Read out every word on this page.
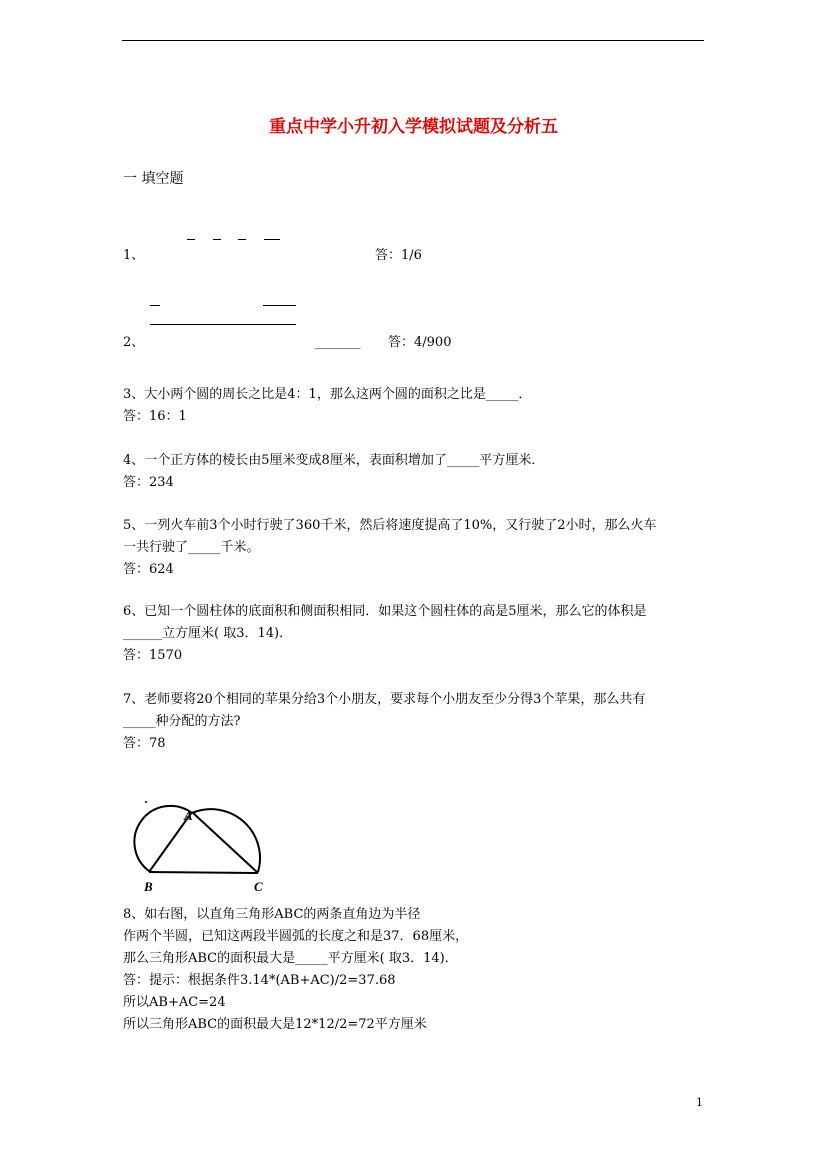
重点中学小升初入学模拟试题及分析五
一 填空题
1、	答：1/6
2、	_______ 答：4/900
3、大小两个圆的周长之比是4：1，那么这两个圆的面积之比是_____．
答：16：1
4、一个正方体的棱长由5厘米变成8厘米，表面积增加了_____平方厘米．
答：234
5、一列火车前3个小时行驶了360千米，然后将速度提高了10%，又行驶了2小时，那么火车
一共行驶了_____千米。
答：624
6、已知一个圆柱体的底面积和侧面积相同．如果这个圆柱体的高是5厘米，那么它的体积是
______立方厘米( 取3．14)．
答：1570
7、老师要将20个相同的苹果分给3个小朋友，要求每个小朋友至少分得3个苹果，那么共有
_____种分配的方法?
答：78
A
B	C
8、如右图，以直角三角形ABC的两条直角边为半径
作两个半圆，已知这两段半圆弧的长度之和是37．68厘米，
那么三角形ABC的面积最大是_____平方厘米( 取3．14)．
答：提示：根据条件3.14*(AB+AC)/2=37.68
所以AB+AC=24
所以三角形ABC的面积最大是12*12/2=72平方厘米
1
